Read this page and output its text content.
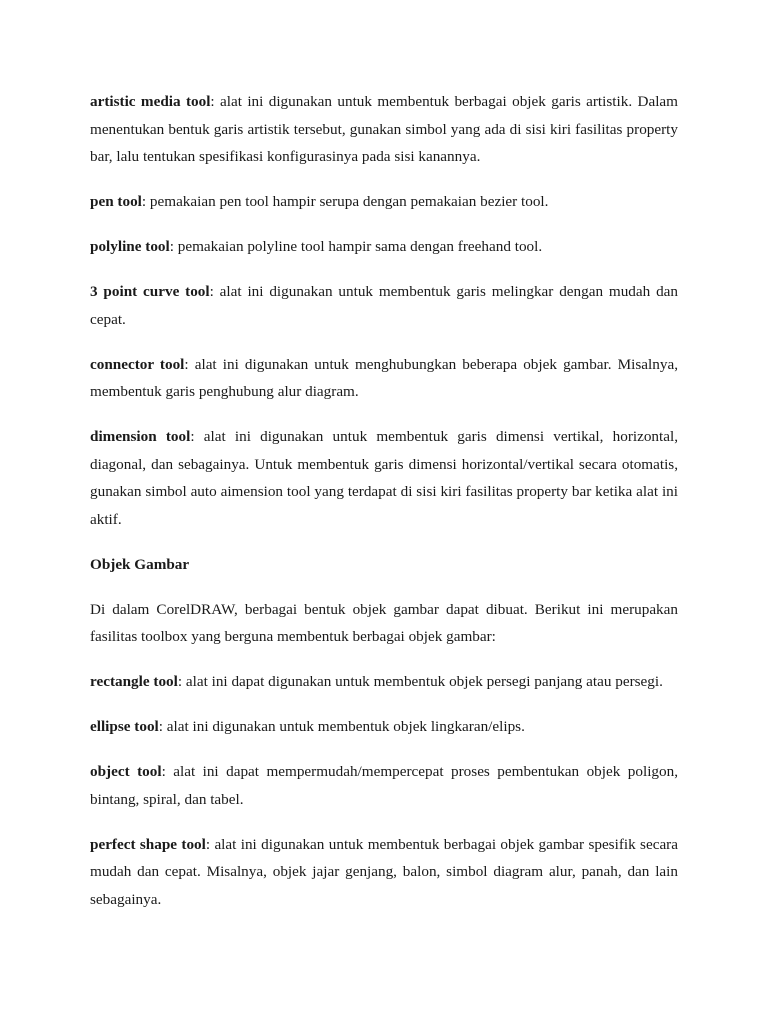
artistic media tool: alat ini digunakan untuk membentuk berbagai objek garis artistik. Dalam menentukan bentuk garis artistik tersebut, gunakan simbol yang ada di sisi kiri fasilitas property bar, lalu tentukan spesifikasi konfigurasinya pada sisi kanannya.

pen tool: pemakaian pen tool hampir serupa dengan pemakaian bezier tool.

polyline tool: pemakaian polyline tool hampir sama dengan freehand tool.

3 point curve tool: alat ini digunakan untuk membentuk garis melingkar dengan mudah dan cepat.

connector tool: alat ini digunakan untuk menghubungkan beberapa objek gambar. Misalnya, membentuk garis penghubung alur diagram.

dimension tool: alat ini digunakan untuk membentuk garis dimensi vertikal, horizontal, diagonal, dan sebagainya. Untuk membentuk garis dimensi horizontal/vertikal secara otomatis, gunakan simbol auto aimension tool yang terdapat di sisi kiri fasilitas property bar ketika alat ini aktif.

Objek Gambar

Di dalam CorelDRAW, berbagai bentuk objek gambar dapat dibuat. Berikut ini merupakan fasilitas toolbox yang berguna membentuk berbagai objek gambar:

rectangle tool: alat ini dapat digunakan untuk membentuk objek persegi panjang atau persegi.

ellipse tool: alat ini digunakan untuk membentuk objek lingkaran/elips.

object tool: alat ini dapat mempermudah/mempercepat proses pembentukan objek poligon, bintang, spiral, dan tabel.

perfect shape tool: alat ini digunakan untuk membentuk berbagai objek gambar spesifik secara mudah dan cepat. Misalnya, objek jajar genjang, balon, simbol diagram alur, panah, dan lain sebagainya.
